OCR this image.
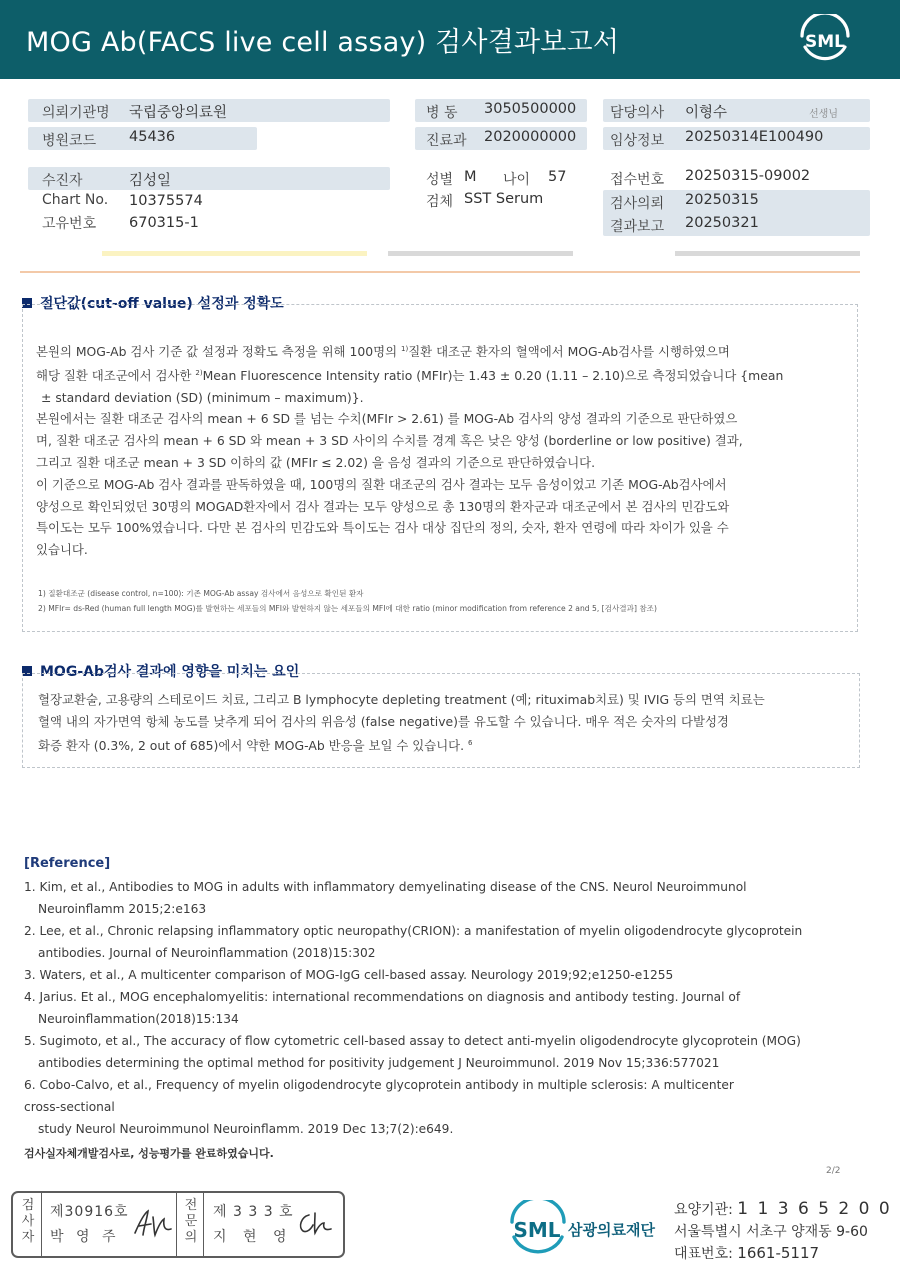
MOG Ab(FACS live cell assay) 검사결과보고서	SML
의뢰기관명 국립중앙의료원
병원코드 45436
병 동 3050500000
진료과 2020000000
담당의사 이형수	선생님
임상정보 20250314E100490
수진자	김성일
Chart No. 10375574
고유번호 670315-1
성별 M 나이 57
검체 SST Serum
접수번호 20250315-09002
검사의뢰 20250315
결과보고 20250321
절단값(cut-off value) 설정과 정확도
본원의 MOG-Ab 검사 기준 값 설정과 정확도 측정을 위해 100명의 $^{1)}$질환 대조군 환자의 혈액에서 MOG-Ab검사를 시행하였으며
해당 질환 대조군에서 검사한 $^{2)}$Mean Fluorescence Intensity ratio (MFIr)는 1.43 ± 0.20 (1.11 – 2.10)으로 측정되었습니다 {mean
± standard deviation (SD) (minimum – maximum)}.
본원에서는 질환 대조군 검사의 mean + 6 SD 를 넘는 수치(MFIr > 2.61) 를 MOG-Ab 검사의 양성 결과의 기준으로 판단하였으
며, 질환 대조군 검사의 mean + 6 SD 와 mean + 3 SD 사이의 수치를 경계 혹은 낮은 양성 (borderline or low positive) 결과,
그리고 질환 대조군 mean + 3 SD 이하의 값 (MFIr ≤ 2.02) 을 음성 결과의 기준으로 판단하였습니다.
이 기준으로 MOG-Ab 검사 결과를 판독하였을 때, 100명의 질환 대조군의 검사 결과는 모두 음성이었고 기존 MOG-Ab검사에서
양성으로 확인되었던 30명의 MOGAD환자에서 검사 결과는 모두 양성으로 총 130명의 환자군과 대조군에서 본 검사의 민감도와
특이도는 모두 100%였습니다. 다만 본 검사의 민감도와 특이도는 검사 대상 집단의 정의, 숫자, 환자 연령에 따라 차이가 있을 수
있습니다.
1) 질환대조군 (disease control, n=100): 기존 MOG-Ab assay 검사에서 음성으로 확인된 환자
2) MFIr= ds-Red (human full length MOG)를 발현하는 세포들의 MFI와 발현하지 않는 세포들의 MFI에 대한 ratio (minor modification from reference 2 and 5, [검사결과] 참조)
MOG-Ab검사 결과에 영향을 미치는 요인
혈장교환술, 고용량의 스테로이드 치료, 그리고 B lymphocyte depleting treatment (예; rituximab치료) 및 IVIG 등의 면역 치료는
혈액 내의 자가면역 항체 농도를 낮추게 되어 검사의 위음성 (false negative)를 유도할 수 있습니다. 매우 적은 숫자의 다발성경
화증 환자 (0.3%, 2 out of 685)에서 약한 MOG-Ab 반응을 보일 수 있습니다. $^6$
[Reference]
1. Kim, et al., Antibodies to MOG in adults with inflammatory demyelinating disease of the CNS. Neurol Neuroimmunol
Neuroinflamm 2015;2:e163
2. Lee, et al., Chronic relapsing inflammatory optic neuropathy(CRION): a manifestation of myelin oligodendrocyte glycoprotein
antibodies. Journal of Neuroinflammation (2018)15:302
3. Waters, et al., A multicenter comparison of MOG-IgG cell-based assay. Neurology 2019;92;e1250-e1255
4. Jarius. Et al., MOG encephalomyelitis: international recommendations on diagnosis and antibody testing. Journal of
Neuroinflammation(2018)15:134
5. Sugimoto, et al., The accuracy of flow cytometric cell-based assay to detect anti-myelin oligodendrocyte glycoprotein (MOG)
antibodies determining the optimal method for positivity judgement J Neuroimmunol. 2019 Nov 15;336:577021
6. Cobo-Calvo, et al., Frequency of myelin oligodendrocyte glycoprotein antibody in multiple sclerosis: A multicenter
cross-sectional
study Neurol Neuroimmunol Neuroinflamm. 2019 Dec 13;7(2):e649.
검사실자체개발검사로, 성능평가를 완료하였습니다.
2/2
검
사
자
제30916호
박 영 주
전
문
의
제 3 3 3 호
지 현 영	SML 삼광의료재단
요양기관: 1 1 3 6 5 2 0 0
서울특별시 서초구 양재동 9-60
대표번호: 1661-5117
